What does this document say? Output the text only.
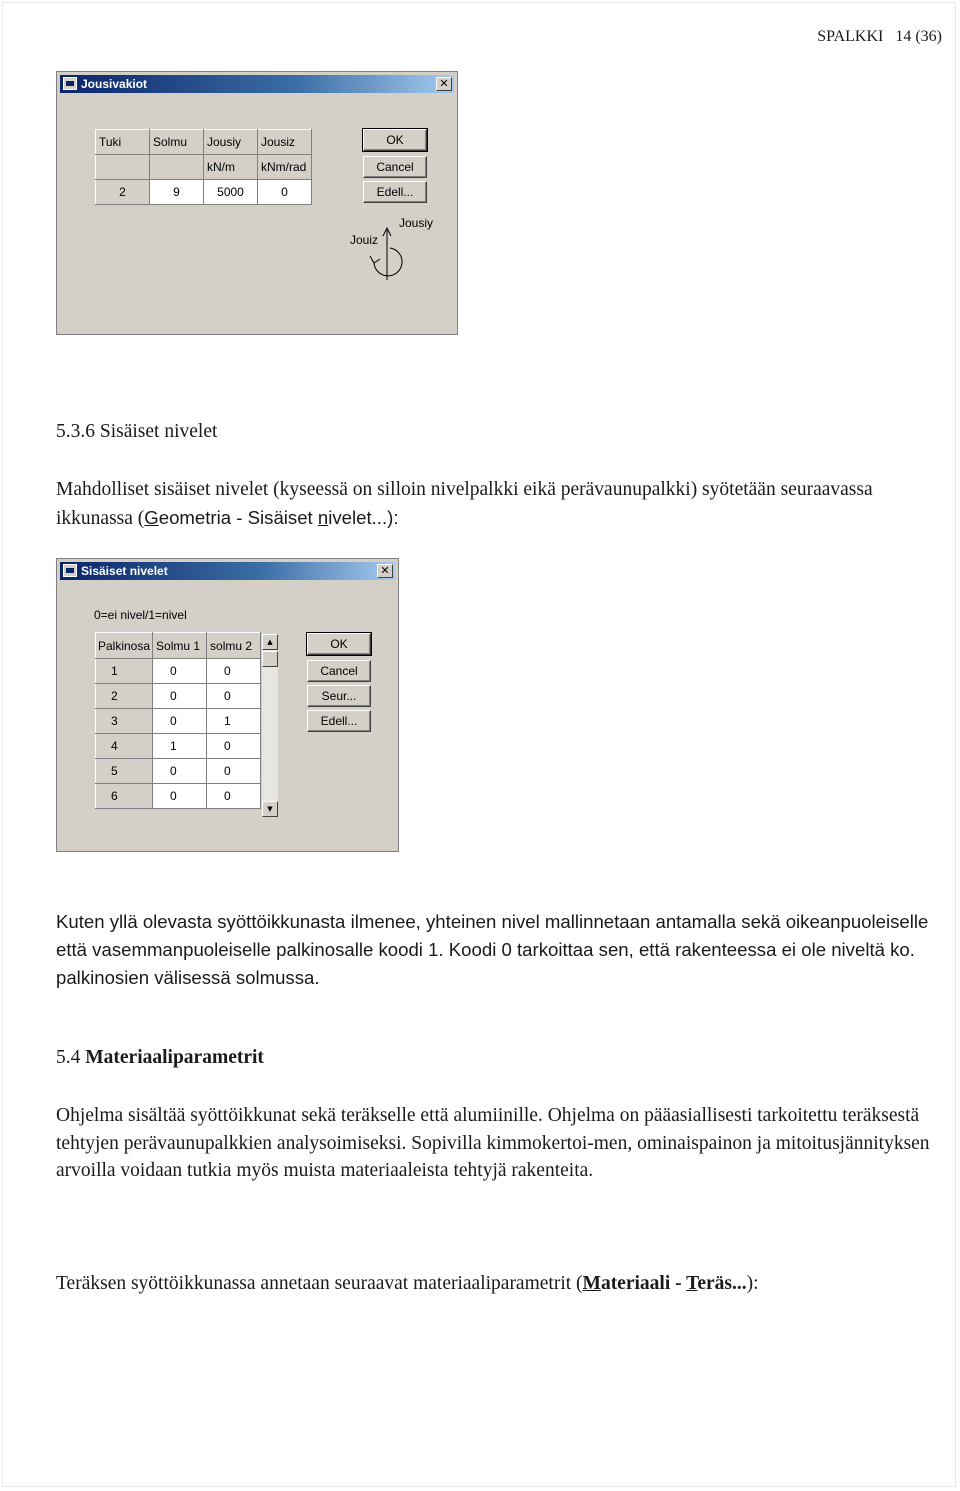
SPALKKI   14 (36)
Jousivakiot	✕
Tuki	Solmu	Jousiy	Jousiz
		kN/m	kNm/rad
2	9	5000	0
OK
Cancel
Edell...
Jousiy
Jouiz
5.3.6 Sisäiset nivelet
Mahdolliset sisäiset nivelet (kyseessä on silloin nivelpalkki eikä perävaunupalkki) syötetään seuraavassa ikkunassa (Geometria - Sisäiset nivelet...):
Sisäiset nivelet	✕
0=ei nivel/1=nivel
Palkinosa	Solmu 1	solmu 2
1	0	0
2	0	0
3	0	1
4	1	0
5	0	0
6	0	0
▲
▼
OK
Cancel
Seur...
Edell...
Kuten yllä olevasta syöttöikkunasta ilmenee, yhteinen nivel mallinnetaan antamalla sekä oikeanpuoleiselle että vasemmanpuoleiselle palkinosalle koodi 1. Koodi 0 tarkoittaa sen, että rakenteessa ei ole niveltä ko. palkinosien välisessä solmussa.
5.4 Materiaaliparametrit
Ohjelma sisältää syöttöikkunat sekä teräkselle että alumiinille. Ohjelma on pääasiallisesti tarkoitettu teräksestä tehtyjen perävaunupalkkien analysoimiseksi. Sopivilla kimmokertoi-men, ominaispainon ja mitoitusjännityksen arvoilla voidaan tutkia myös muista materiaaleista tehtyjä rakenteita.
Teräksen syöttöikkunassa annetaan seuraavat materiaaliparametrit (Materiaali - Teräs...):
